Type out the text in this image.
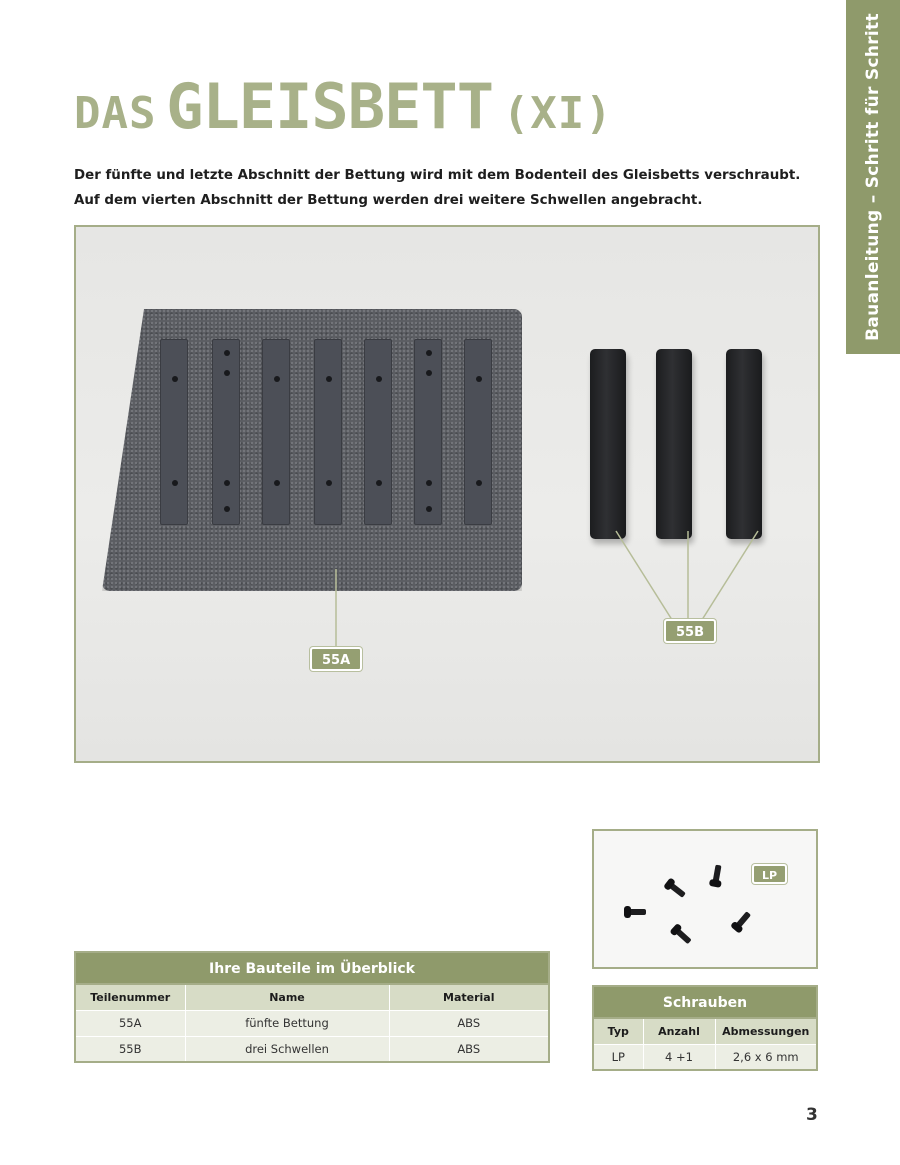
Bauanleitung – Schritt für Schritt
DAS GLEISBETT (XI)

Der fünfte und letzte Abschnitt der Bettung wird mit dem Bodenteil des Gleisbetts verschraubt. Auf dem vierten Abschnitt der Bettung werden drei weitere Schwellen angebracht.

55A
55B
LP
Ihre Bauteile im Überblick
Teilenummer	Name	Material
55A	fünfte Bettung	ABS
55B	drei Schwellen	ABS
Schrauben
Typ	Anzahl	Abmessungen
LP	4 +1	2,6 x 6 mm
3
